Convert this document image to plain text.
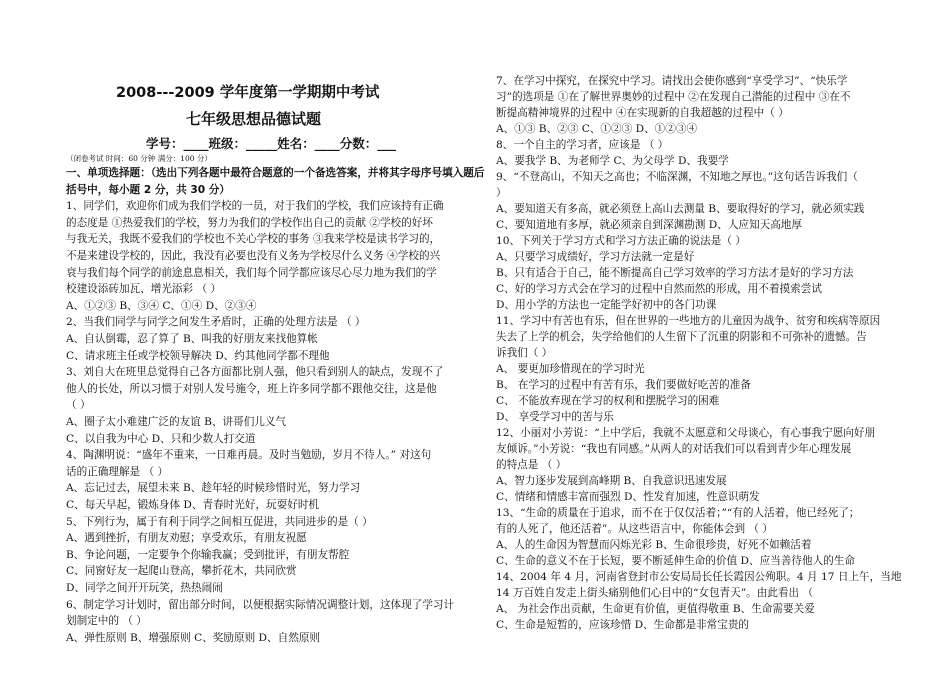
2008---2009 学年度第一学期期中考试
七年级思想品德试题
学号：____班级：_____姓名：____分数：___
（闭卷考试 时间：60 分钟 满分：100 分）
一、单项选择题：（选出下列各题中最符合题意的一个备选答案，并将其字母序号填入题后
括号中，每小题 2 分，共 30 分）
1、同学们，欢迎你们成为我们学校的一员，对于我们的学校，我们应该持有正确
的态度是 ①热爱我们的学校，努力为我们的学校作出自己的贡献 ②学校的好坏
与我无关，我既不爱我们的学校也不关心学校的事务 ③我来学校是读书学习的，
不是来建设学校的，因此，我没有必要也没有义务为学校尽什么义务 ④学校的兴
衰与我们每个同学的前途息息相关，我们每个同学都应该尽心尽力地为我们的学
校建设添砖加瓦、增光添彩 （ ）
A、①②③ B、③④ C、①④ D、②③④
2、当我们同学与同学之间发生矛盾时，正确的处理方法是 （ ）
A、自认倒霉，忍了算了 B、叫我的好朋友来找他算帐
C、请求班主任或学校领导解决 D、约其他同学都不理他
3、刘自大在班里总觉得自己各方面都比别人强，他只看到别人的缺点，发现不了
他人的长处，所以习惯于对别人发号施令，班上许多同学都不跟他交往，这是他
（ ）
A、圈子太小难建广泛的友谊 B、讲哥们儿义气
C、以自我为中心 D、只和少数人打交道
4、陶渊明说：“盛年不重来，一日难再晨。及时当勉励，岁月不待人。” 对这句
话的正确理解是 （ ）
A、忘记过去，展望未来 B、趁年轻的时候珍惜时光，努力学习
C、每天早起，锻炼身体 D、青春时光好，玩耍好时机
5、下列行为，属于有利于同学之间相互促进，共同进步的是（ ）
A、遇到挫折，有朋友劝慰；享受欢乐，有朋友祝愿
B、争论问题，一定要争个你输我赢；受到批评，有朋友帮腔
C、同窗好友一起爬山登高，攀折花木，共同欣赏
D、同学之间开开玩笑，热热闹闹
6、制定学习计划时，留出部分时间，以便根据实际情况调整计划，这体现了学习计
划制定中的 （ ）
A、弹性原则 B、增强原则 C、奖励原则 D、自然原则
7、在学习中探究，在探究中学习。请找出会使你感到“享受学习”、“快乐学
习”的选项是 ①在了解世界奥妙的过程中 ②在发现自己潜能的过程中 ③在不
断提高精神境界的过程中 ④在实现新的自我超越的过程中（ ）
A、①③ B、②③ C、①②③ D、①②③④
8、一个自主的学习者，应该是 （ ）
A、要我学 B、为老师学 C、为父母学 D、我要学
9、“不登高山，不知天之高也；不临深渊，不知地之厚也。”这句话告诉我们（
）
A、要知道天有多高，就必须登上高山去测量 B、要取得好的学习，就必须实践
C、要知道地有多厚，就必须亲自到深渊勘测 D、人应知天高地厚
10、下列关于学习方式和学习方法正确的说法是（ ）
A、只要学习成绩好，学习方法就一定是好
B、只有适合于自己，能不断提高自己学习效率的学习方法才是好的学习方法
C、好的学习方式会在学习的过程中自然而然的形成，用不着摸索尝试
D、用小学的方法也一定能学好初中的各门功课
11、学习中有苦也有乐，但在世界的一些地方的儿童因为战争、贫穷和疾病等原因
失去了上学的机会，失学给他们的人生留下了沉重的阴影和不可弥补的遗憾。告
诉我们（ ）
A、 要更加珍惜现在的学习时光
B、 在学习的过程中有苦有乐，我们要做好吃苦的准备
C、 不能放弃现在学习的权利和摆脱学习的困难
D、 享受学习中的苦与乐
12、小丽对小芳说：“上中学后，我就不太愿意和父母谈心，有心事我宁愿向好朋
友倾诉。”小芳说：“我也有同感。”从两人的对话我们可以看到青少年心理发展
的特点是 （ ）
A、智力逐步发展到高峰期 B、自我意识迅速发展
C、情绪和情感丰富而强烈 D、性发育加速，性意识萌发
13、“生命的质量在于追求，而不在于仅仅活着；”“有的人活着，他已经死了；
有的人死了，他还活着”。从这些语言中，你能体会到 （ ）
A、人的生命因为智慧而闪烁光彩 B、生命很珍贵，好死不如赖活着
C、生命的意义不在于长短，要不断延伸生命的价值 D、应当善待他人的生命
14、2004 年 4 月，河南省登封市公安局局长任长霞因公殉职。4 月 17 日上午，当地
14 万百姓自发走上街头痛别他们心目中的“女包青天”。由此看出 （
A、 为社会作出贡献，生命更有价值，更值得敬重 B、生命需要关爱
C、生命是短暂的，应该珍惜 D、生命都是非常宝贵的
